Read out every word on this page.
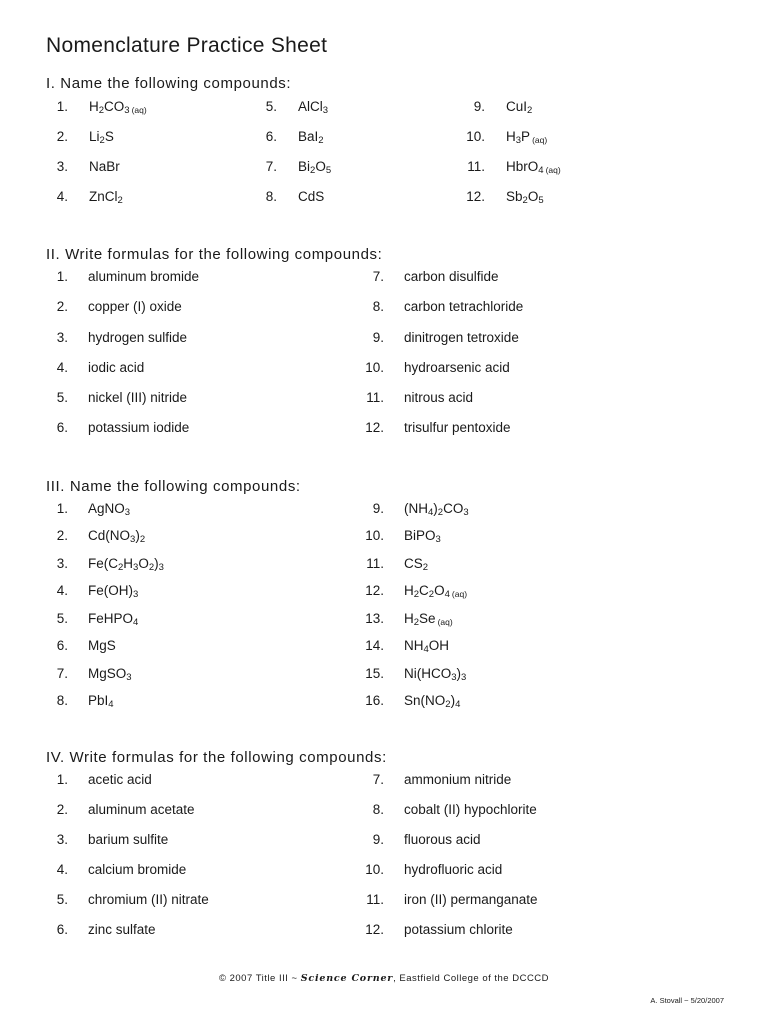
Nomenclature Practice Sheet
I. Name the following compounds:
II. Write formulas for the following compounds:
III. Name the following compounds:
IV. Write formulas for the following compounds:
1. $H_2CO_3$ (aq)
2. $Li_2S$
3. NaBr
4. ZnCl$_2$
5. AlCl$_3$
6. BaI$_2$
7. $Bi_2O_5$
8. CdS
9. CuI$_2$
10. $H_3P$ (aq)
11. HbrO$_4$ (aq)
12. $Sb_2O_5$
1. aluminum bromide
2. copper (I) oxide
3. hydrogen sulfide
4. iodic acid
5. nickel (III) nitride
6. potassium iodide
7. carbon disulfide
8. carbon tetrachloride
9. dinitrogen tetroxide
10. hydroarsenic acid
11. nitrous acid
12. trisulfur pentoxide
1. AgNO$_3$
2. $Cd(NO_3)_2$
3. $Fe(C_2H_3O_2)_3$
4. $Fe(OH)_3$
5. FeHPO$_4$
6. MgS
7. MgSO$_3$
8. PbI$_4$
9. $(NH_4)_2CO_3$
10. BiPO$_3$
11. $CS_2$
12. $H_2C_2O_4$ (aq)
13. $H_2Se$ (aq)
14. $NH_4OH$
15. $Ni(HCO_3)_3$
16. $Sn(NO_2)_4$
1. acetic acid
2. aluminum acetate
3. barium sulfite
4. calcium bromide
5. chromium (II) nitrate
6. zinc sulfate
7. ammonium nitride
8. cobalt (II) hypochlorite
9. fluorous acid
10. hydrofluoric acid
11. iron (II) permanganate
12. potassium chlorite
© 2007 Title III ~ Science Corner, Eastfield College of the DCCCD
A. Stovall ~ 5/20/2007
